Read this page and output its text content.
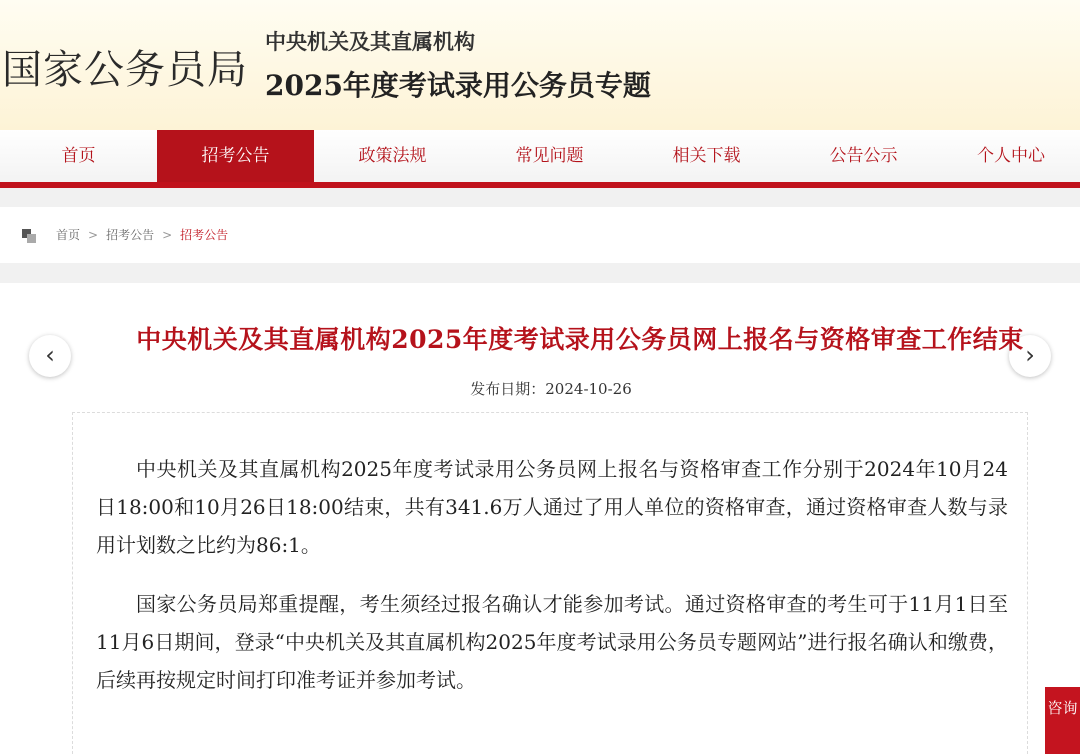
国家公务员局
中央机关及其直属机构
2025年度考试录用公务员专题
首页	招考公告	政策法规	常见问题	相关下载	公告公示	个人中心
首页 > 招考公告 > 招考公告
‹	›
中央机关及其直属机构2025年度考试录用公务员网上报名与资格审查工作结束
发布日期：2024-10-26

中央机关及其直属机构2025年度考试录用公务员网上报名与资格审查工作分别于2024年10月24日18:00和10月26日18:00结束，共有341.6万人通过了用人单位的资格审查，通过资格审查人数与录用计划数之比约为86:1。

国家公务员局郑重提醒，考生须经过报名确认才能参加考试。通过资格审查的考生可于11月1日至11月6日期间，登录“中央机关及其直属机构2025年度考试录用公务员专题网站”进行报名确认和缴费，后续再按规定时间打印准考证并参加考试。

咨询
